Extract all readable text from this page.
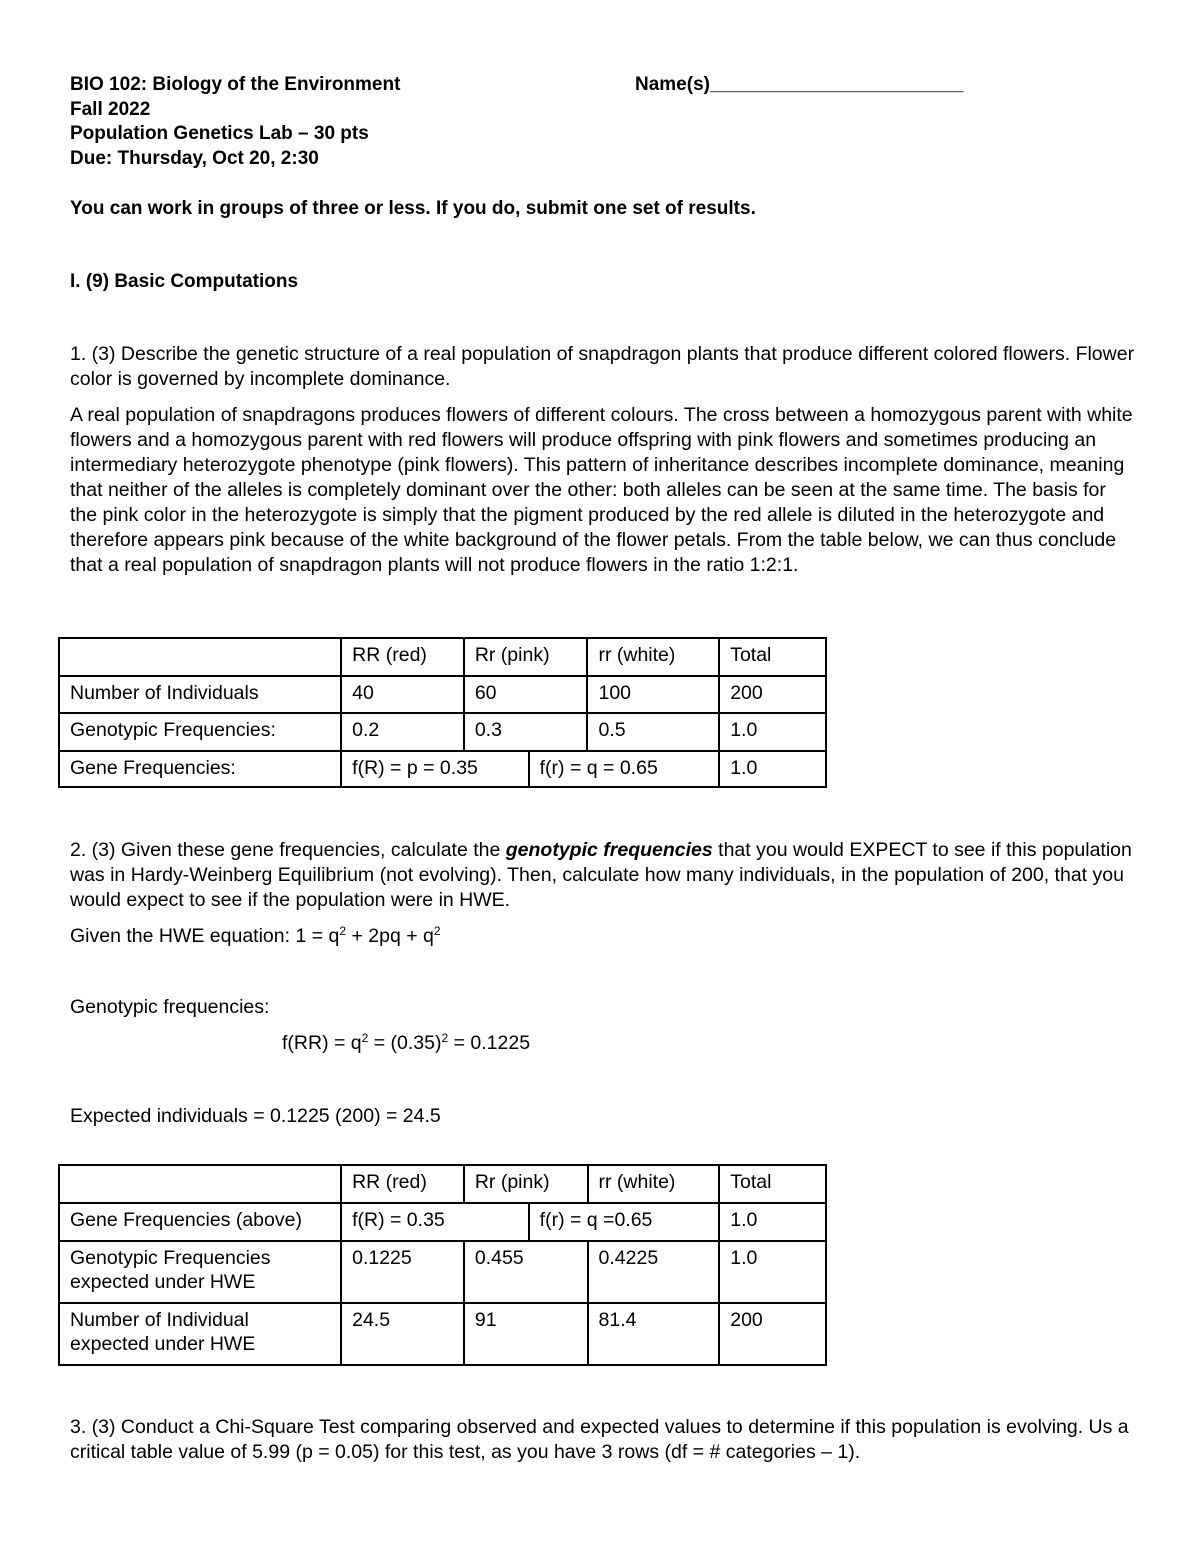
BIO 102: Biology of the Environment	Name(s)________________________
Fall 2022
Population Genetics Lab – 30 pts
Due: Thursday, Oct 20, 2:30
You can work in groups of three or less. If you do, submit one set of results.
I. (9) Basic Computations
1. (3) Describe the genetic structure of a real population of snapdragon plants that produce different colored flowers. Flower color is governed by incomplete dominance.
A real population of snapdragons produces flowers of different colours. The cross between a homozygous parent with white flowers and a homozygous parent with red flowers will produce offspring with pink flowers and sometimes producing an intermediary heterozygote phenotype (pink flowers). This pattern of inheritance describes incomplete dominance, meaning that neither of the alleles is completely dominant over the other: both alleles can be seen at the same time. The basis for the pink color in the heterozygote is simply that the pigment produced by the red allele is diluted in the heterozygote and therefore appears pink because of the white background of the flower petals. From the table below, we can thus conclude that a real population of snapdragon plants will not produce flowers in the ratio 1:2:1.
	RR (red)	Rr (pink)		rr (white)	Total
Number of Individuals	40	60		100	200
Genotypic Frequencies:	0.2	0.3		0.5	1.0
Gene Frequencies:	f(R) = p = 0.35		f(r) = q = 0.65		1.0
2. (3) Given these gene frequencies, calculate the genotypic frequencies that you would EXPECT to see if this population was in Hardy-Weinberg Equilibrium (not evolving). Then, calculate how many individuals, in the population of 200, that you would expect to see if the population were in HWE.
Given the HWE equation: $1 = q^2 + 2pq + q^2$
Genotypic frequencies:
$f(RR) = q^2 = (0.35)^2 = 0.1225$
Expected individuals = 0.1225 (200) = 24.5
	RR (red)	Rr (pink)		rr (white)	Total
Gene Frequencies (above)	f(R) = 0.35		f(r) = q =0.65		1.0
Genotypic Frequencies expected under HWE	0.1225	0.455		0.4225	1.0
Number of Individual expected under HWE	24.5	91		81.4	200
3. (3) Conduct a Chi-Square Test comparing observed and expected values to determine if this population is evolving. Us a critical table value of 5.99 (p = 0.05) for this test, as you have 3 rows (df = # categories – 1).
